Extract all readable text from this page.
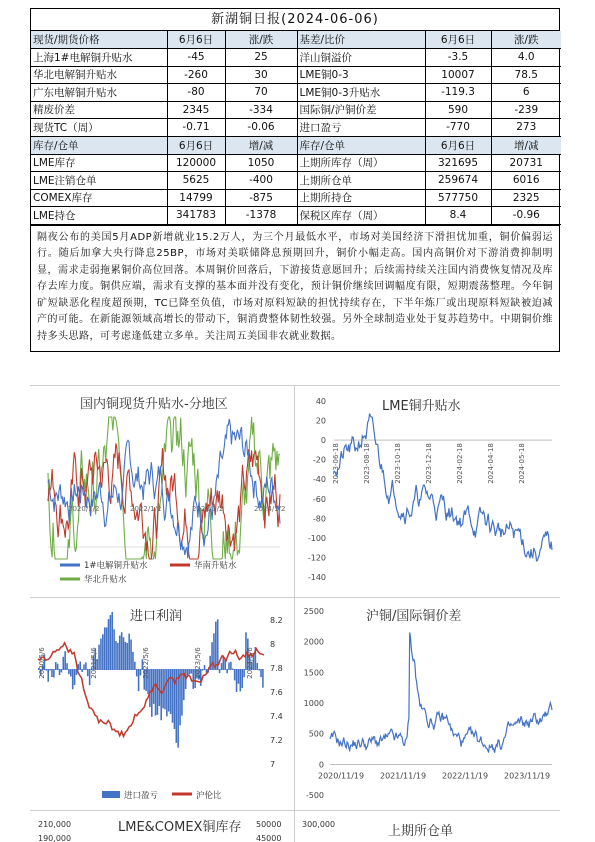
新湖铜日报(2024-06-06)
现货/期货价格	6月6日	涨/跌	基差/比价	6月6日	涨/跌
上海1#电解铜升贴水	-45	25	洋山铜溢价	-3.5	4.0
华北电解铜升贴水	-260	30	LME铜0-3	10007	78.5
广东电解铜升贴水	-80	70	LME铜0-3升贴水	-119.3	6
精废价差	2345	-334	国际铜/沪铜价差	590	-239
现货TC（周）	-0.71	-0.06	进口盈亏	-770	273
库存/仓单	6月6日	增/减	库存/仓单	6月6日	增/减
LME库存	120000	1050	上期所库存（周）	321695	20731
LME注销仓单	5625	-400	上期所仓单	259674	6016
COMEX库存	14799	-875	上期所持仓	577750	2325
LME持仓	341783	-1378	保税区库存（周）	8.4	-0.96
隔夜公布的美国5月ADP新增就业15.2万人，为三个月最低水平，市场对美国经济下滑担忧加重，铜价偏弱运行。随后加拿大央行降息25BP，市场对美联储降息预期回升，铜价小幅走高。国内高铜价对下游消费抑制明显，需求走弱拖累铜价高位回落。本周铜价回落后，下游接货意愿回升；后续需持续关注国内消费恢复情况及库存去库力度。铜供应端，需求有支撑的基本面并没有变化，预计铜价继续回调幅度有限，短期震荡整理。今年铜矿短缺恶化程度超预期，TC已降至负值，市场对原料短缺的担忧持续存在，下半年炼厂或出现原料短缺被迫减产的可能。在新能源领域高增长的带动下，铜消费整体韧性较强。另外全球制造业处于复苏趋势中。中期铜价维持多头思路，可考虑逢低建立多单。关注周五美国非农就业数据。
国内铜现货升贴水-分地区
2020/1/2	2022/1/2	2023/1/2	2024/1/2
1#电解铜升贴水	华南升贴水
华北升贴水
LME铜升贴水
40
20
0
-20
-40
-60
-80
-100
-120
-140
2023-06-18	2023-08-18	2023-10-18	2023-12-18	2024-02-18	2024-04-18	2024-05-18
进口利润	8.2
8
7.8
7.6
7.4
7.2
7
2020/5/6	2021/5/6	2022/5/6	2023/5/6	2024/5/6
进口盈亏	沪伦比
沪铜/国际铜价差
2500
2000
1500
1000
500
0
-500
2020/11/19 2021/11/19 2022/11/19 2023/11/19
LME&COMEX铜库存
210,000
190,000
50000
45000	上期所仓单
300,000
